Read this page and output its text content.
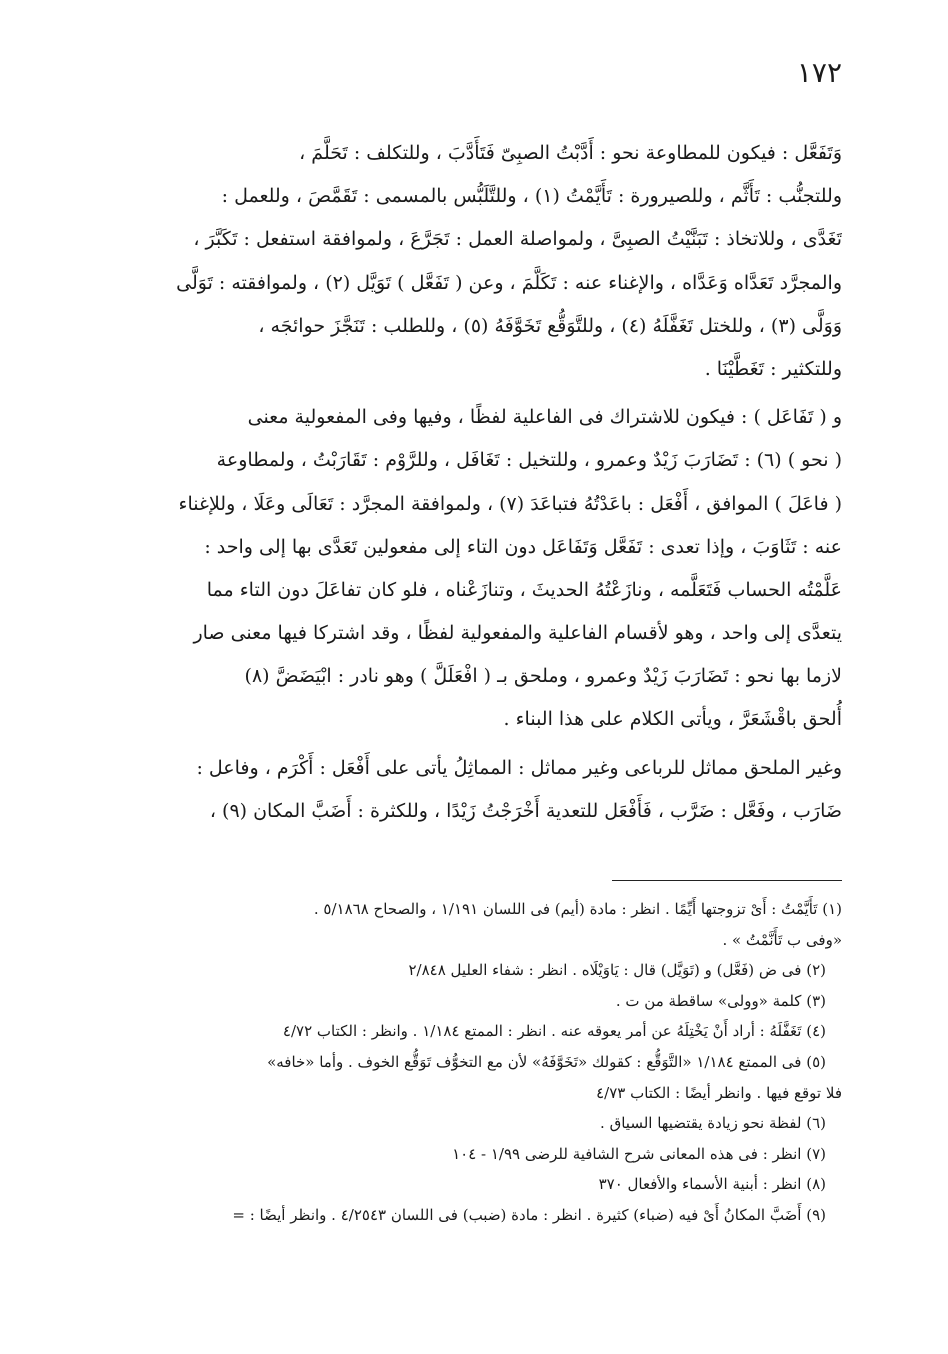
١٧٢
وَتَفَعَّل : فيكون للمطاوعة نحو : أَدَّبْتُ الصبِىّ فَتَأَدَّبَ ، وللتكلف : تَحَلَّمَ ،
وللتجنُّب : تَأَثَّم ، وللصيرورة : تَأَيَّمْتُ (١) ، وللتَّلَبُّس بالمسمى : تَقَمَّصَ ، وللعمل :
تَغَدَّى ، وللاتخاذ : تَبَنَّيْتُ الصبِىَّ ، ولمواصلة العمل : تَجَرَّعَ ، ولموافقة استفعل : تَكَبَّرَ ،
والمجرَّد تَعَدَّاه وَعَدَّاه ، والإغناء عنه : تَكَلَّمَ ، وعن ( تَفَعَّل ) تَوَيَّل (٢) ، ولموافقته : تَوَلَّى
وَوَلَّى (٣) ، وللختل تَغَفَّلَهُ (٤) ، وللتَّوَقُّع تَخَوَّفَهُ (٥) ، وللطلب : تَنَجَّزَ حوائجَه ،
وللتكثير : تَغَطَّيْنَا .
و ( تَفَاعَل ) : فيكون للاشتراك فى الفاعلية لفظًا ، وفيها وفى المفعولية معنى
( نحو ) (٦) : تَضَارَبَ زَيْدٌ وعمرو ، وللتخيل : تَغَافَل ، وللرَّوْم : تَقَارَبْتُ ، ولمطاوعة
( فاعَلَ ) الموافق ، أَفْعَل : باعَدْتُهُ فتباعَدَ (٧) ، ولموافقة المجرَّد : تَعَالَى وعَلَا ، وللإغناء
عنه : تَثَاوَبَ ، وإذا تعدى : تَفَعَّل وَتَفَاعَل دون التاء إلى مفعولين تَعَدَّى بها إلى واحد :
عَلَّمْتُه الحساب فَتَعَلَّمه ، ونازَعْتُهُ الحديثَ ، وتنازَعْناه ، فلو كان تفاعَلَ دون التاء مما
يتعدَّى إلى واحد ، وهو لأقسام الفاعلية والمفعولية لفظًا ، وقد اشتركا فيها معنى صار
لازما بها نحو : تَضَارَبَ زَيْدٌ وعمرو ، وملحق بـ ( افْعَلَلَّ ) وهو نادر : ابْيَضَضَّ (٨)
أُلحق باقْشَعَرَّ ، ويأتى الكلام على هذا البناء .
وغير الملحق مماثل للرباعى وغير مماثل : المماثِلُ يأتى على أَفْعَل : أَكْرَم ، وفاعل :
ضَارَب ، وفَعَّل : ضَرَّب ، فَأَفْعَل للتعدية أَخْرَجْتُ زَيْدًا ، وللكثرة : أَضَبَّ المكان (٩) ،
(١) تَأَيَّمْتُ : أَىْ تزوجتها أَيِّمًا . انظر : مادة (أيم) فى اللسان ١/١٩١ ، والصحاح ٥/١٨٦٨ .
«وفى ب تَأَنَّمْتُ » .
(٢) فى ض (فَعَّل) و (تَوَيَّل) قال : يَاوَيْلَاه . انظر : شفاء العليل ٢/٨٤٨
(٣) كلمة «وولى» ساقطة من ت .
(٤) تَغَفَّلَهُ : أراد أَنْ يَخْتِلَهُ عن أمر يعوقه عنه . انظر : الممتع ١/١٨٤ . وانظر : الكتاب ٤/٧٢
(٥) فى الممتع ١/١٨٤ «التَّوَقُّع : كقولك «تَخَوَّفَهُ» لأن مع التخوُّف تَوَقُّع الخوف . وأما «خافه»
فلا توقع فيها . وانظر أيضًا : الكتاب ٤/٧٣
(٦) لفظة نحو زيادة يقتضيها السياق .
(٧) انظر : فى هذه المعانى شرح الشافية للرضى ١/٩٩ - ١٠٤
(٨) انظر : أبنية الأسماء والأفعال ٣٧٠
(٩) أَضَبَّ المكانُ أَىْ فيه (ضباء) كثيرة . انظر : مادة (ضبب) فى اللسان ٤/٢٥٤٣ . وانظر أيضًا : =
